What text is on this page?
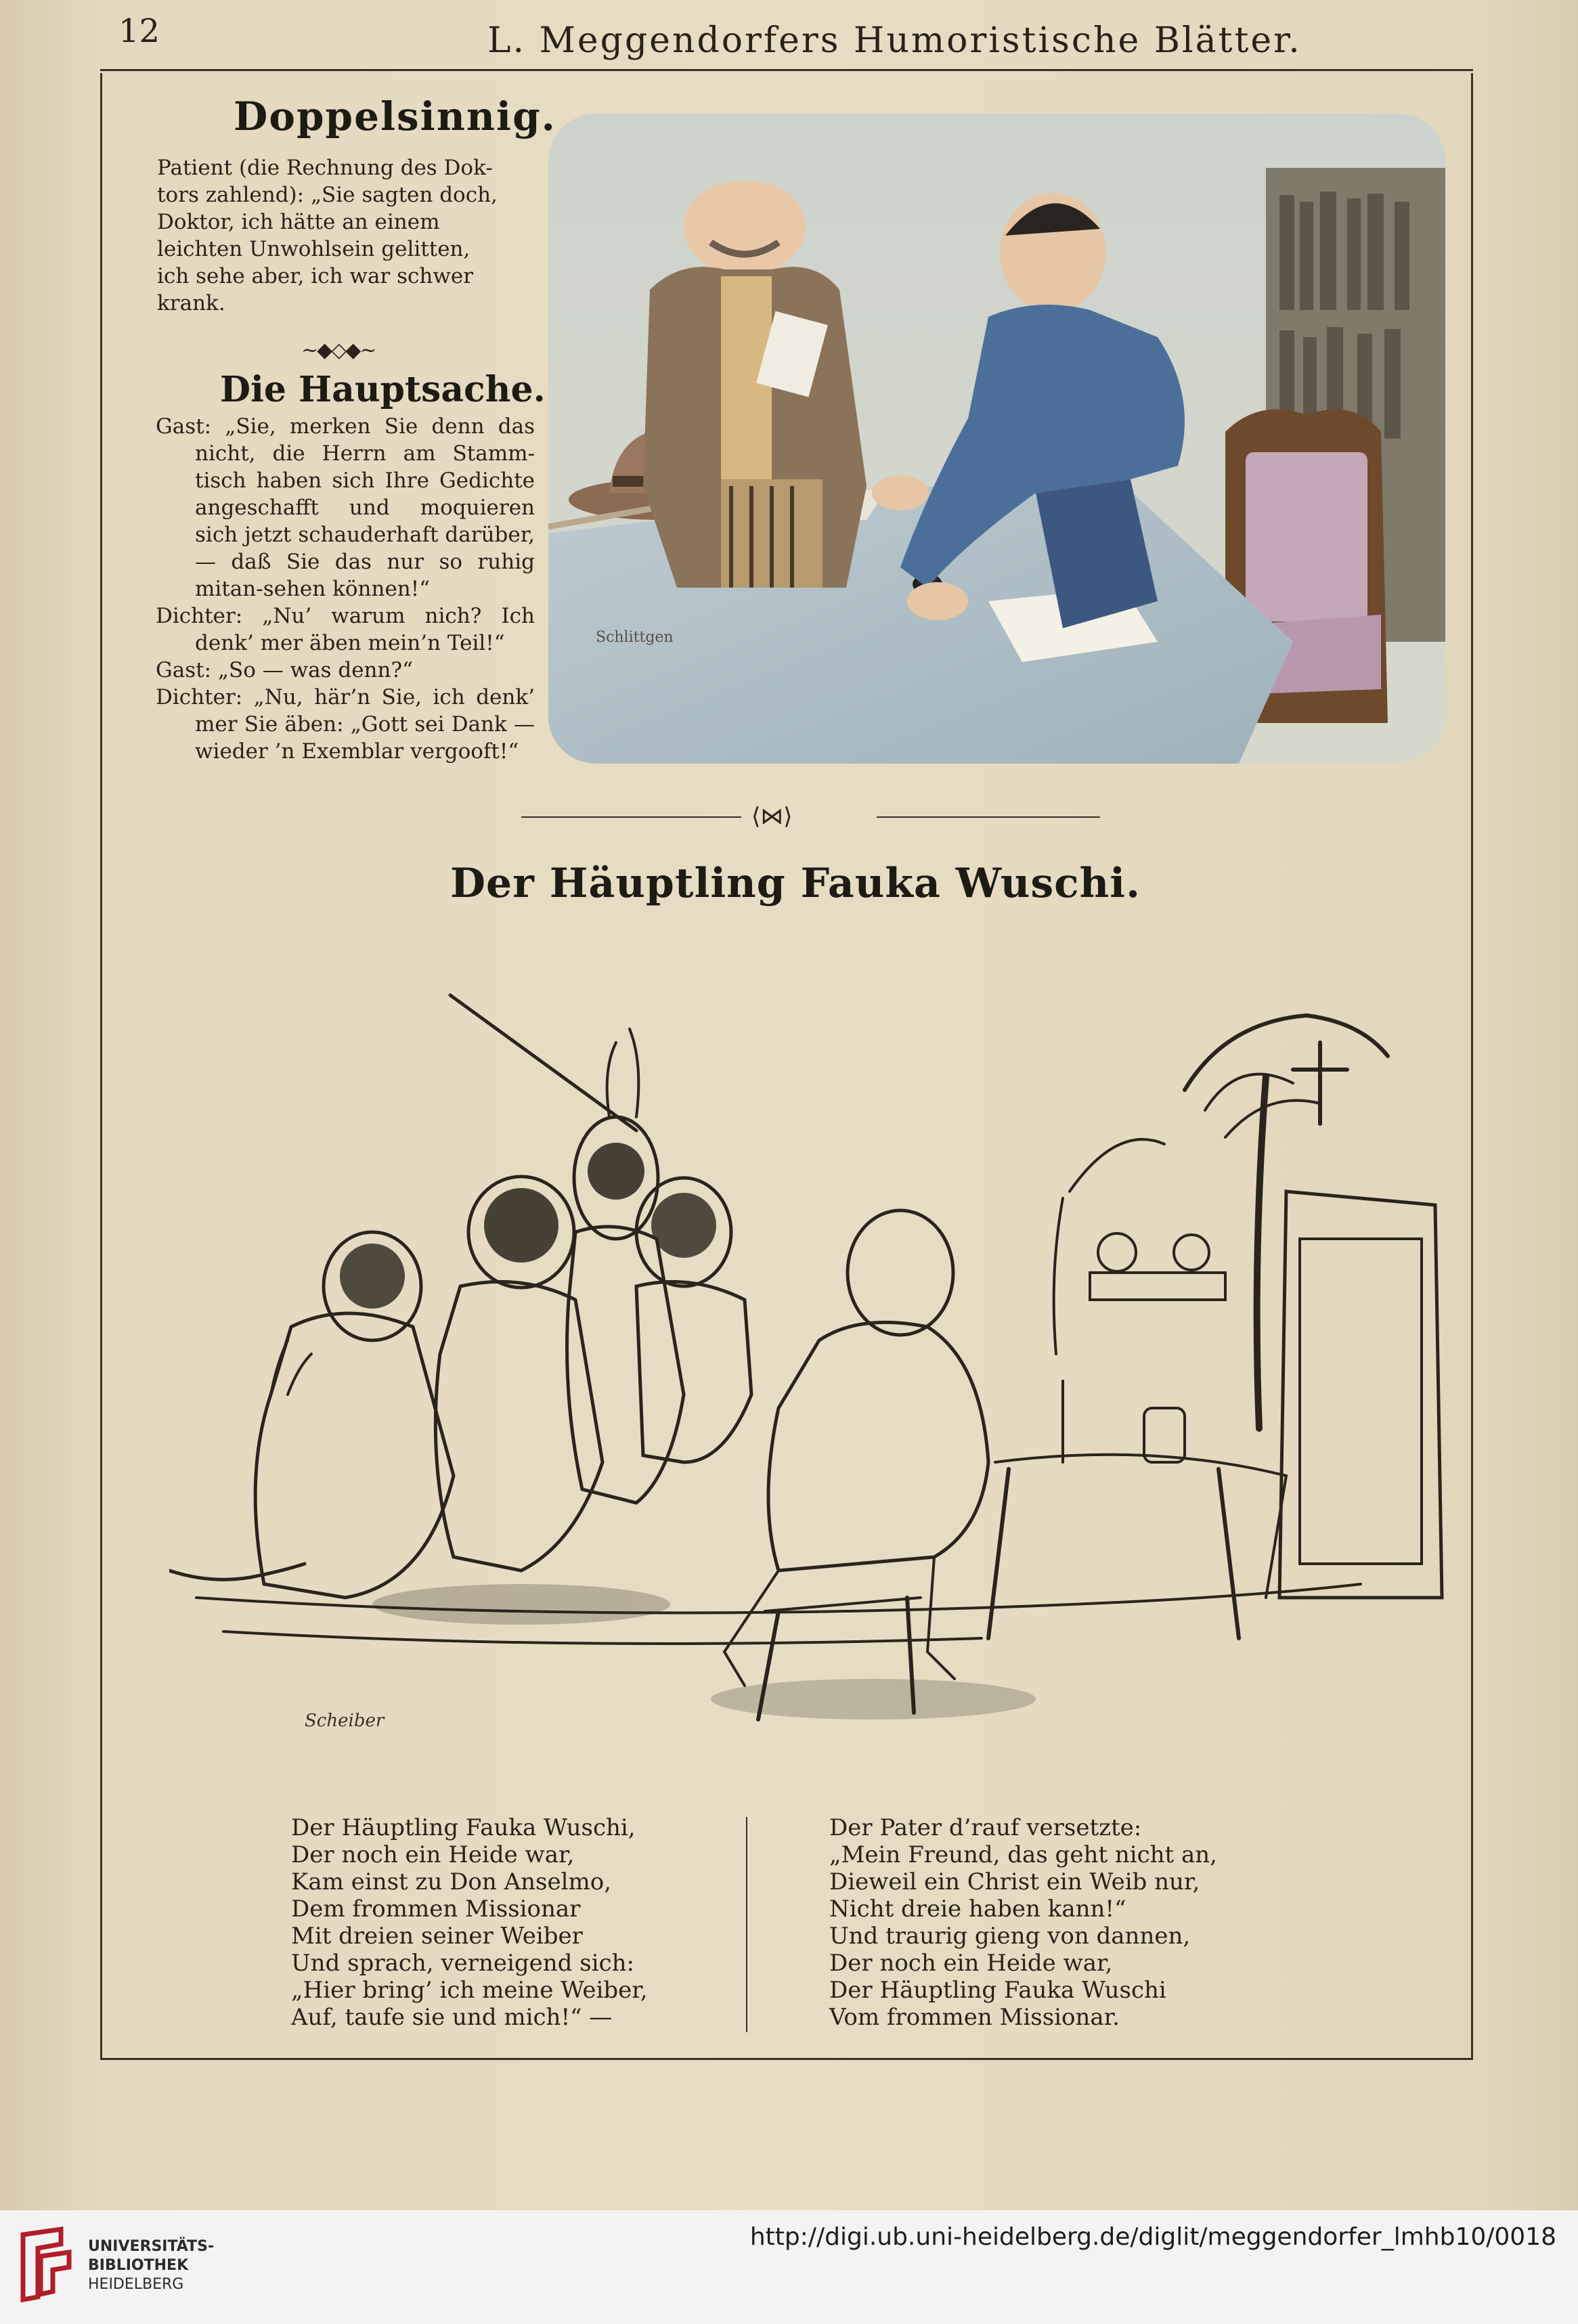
12	L. Meggendorfers Humoristische Blätter.
Doppelsinnig.
Patient (die Rechnung des Dok-
tors zahlend): „Sie sagten doch,
Doktor, ich hätte an einem
leichten Unwohlsein gelitten,
ich sehe aber, ich war schwer
krank.
~◆◇◆~
Die Hauptsache.

Gast: „Sie, merken Sie denn das nicht, die Herrn am Stamm-tisch haben sich Ihre Gedichte angeschafft und moquieren sich jetzt schauderhaft darüber, — daß Sie das nur so ruhig mitan-sehen können!“

Dichter: „Nu’ warum nich? Ich denk’ mer äben mein’n Teil!“

Gast: „So — was denn?“

Dichter: „Nu, här’n Sie, ich denk’ mer Sie äben: „Gott sei Dank — wieder ’n Exemblar vergooft!“

Schlittgen
⟨⋈⟩
Der Häuptling Fauka Wuschi.
Scheiber
Der Häuptling Fauka Wuschi,
Der noch ein Heide war,
Kam einst zu Don Anselmo,
Dem frommen Missionar
Mit dreien seiner Weiber
Und sprach, verneigend sich:
„Hier bring’ ich meine Weiber,
Auf, taufe sie und mich!“ —
Der Pater d’rauf versetzte:
„Mein Freund, das geht nicht an,
Dieweil ein Christ ein Weib nur,
Nicht dreie haben kann!“
Und traurig gieng von dannen,
Der noch ein Heide war,
Der Häuptling Fauka Wuschi
Vom frommen Missionar.
UNIVERSITÄTS-
BIBLIOTHEK
HEIDELBERG
http://digi.ub.uni-heidelberg.de/diglit/meggendorfer_lmhb10/0018
